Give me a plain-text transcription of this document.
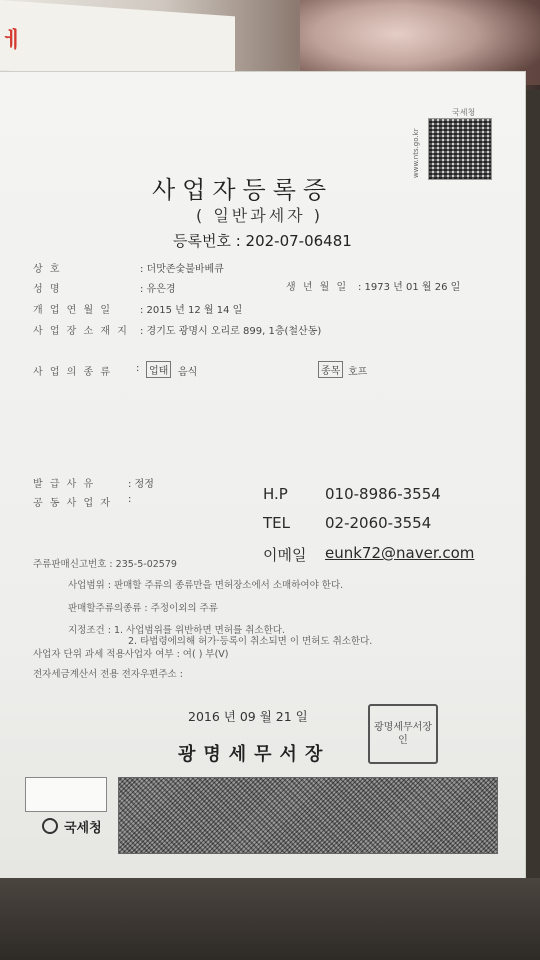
ㅔ
국세청
www.nts.go.kr
사업자등록증
( 일반과세자 )
등록번호 : 202-07-06481
상 호	: 더맛존숯불바베큐
성 명	: 유은경	생 년 월 일 : 1973 년 01 월 26 일
개 업 연 월 일	: 2015 년 12 월 14 일
사 업 장 소 재 지 : 경기도 광명시 오리로 899, 1층(철산동)
사 업 의 종 류 : 업태 음식	종목 호프
발 급 사 유	: 정정
공 동 사 업 자 :	H.P 010-8986-3554
TEL 02-2060-3554
이메일 eunk72@naver.com
주류판매신고번호 : 235-5-02579
사업범위 : 판매할 주류의 종류만을 면허장소에서 소매하여야 한다.
판매할주류의종류 : 주정이외의 주류
지정조건 : 1. 사업범위를 위반하면 면허를 취소한다.
2. 타법령에의해 허가·등록이 취소되면 이 면허도 취소한다.
사업자 단위 과세 적용사업자 여부 : 여( ) 부(V)
전자세금계산서 전용 전자우편주소 :
2016 년 09 월 21 일
광명세무서장
광명세무서장인
국세청
